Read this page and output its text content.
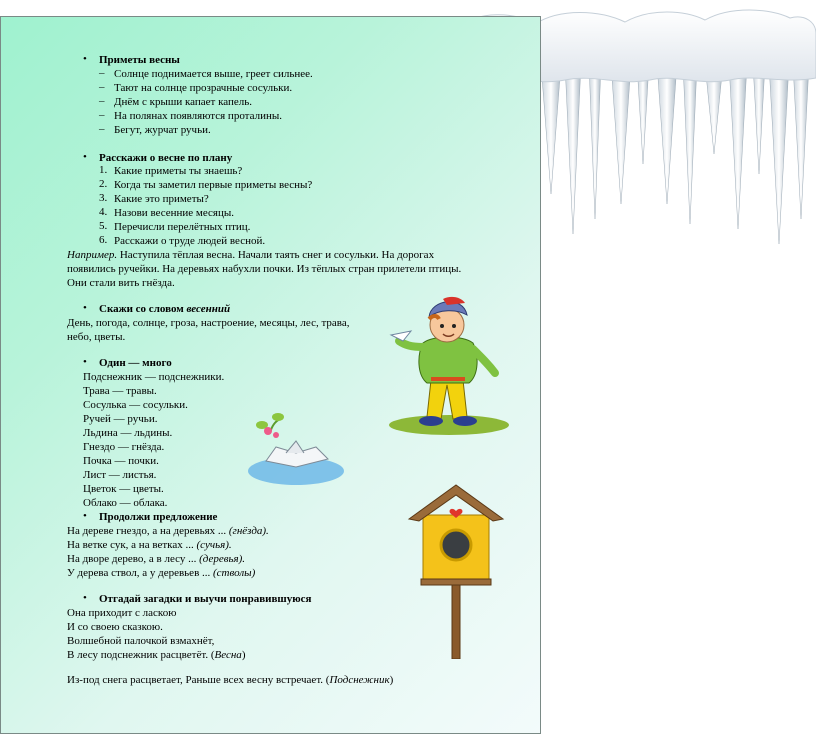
• Приметы весны
– Солнце поднимается выше, греет сильнее.
– Тают на солнце прозрачные сосульки.
– Днём с крыши капает капель.
– На полянах появляются проталины.
– Бегут, журчат ручьи.
• Расскажи о весне по плану
1. Какие приметы ты знаешь?
2. Когда ты заметил первые приметы весны?
3. Какие это приметы?
4. Назови весенние месяцы.
5. Перечисли перелётных птиц.
6. Расскажи о труде людей весной.
Например. Наступила тёплая весна. Начали таять снег и сосульки. На дорогах
появились ручейки. На деревьях набухли почки. Из тёплых стран прилетели птицы.
Они стали вить гнёзда.
• Скажи со словом весенний
День, погода, солнце, гроза, настроение, месяцы, лес, трава,
небо, цветы.
• Один — много
Подснежник — подснежники.
Трава — травы.
Сосулька — сосульки.
Ручей — ручьи.
Льдина — льдины.
Гнездо — гнёзда.
Почка — почки.
Лист — листья.
Цветок — цветы.
Облако — облака.
• Продолжи предложение
На дереве гнездо, а на деревьях ... (гнёзда).
На ветке сук, а на ветках ... (сучья).
На дворе дерево, а в лесу ... (деревья).
У дерева ствол, а у деревьев ... (стволы)
• Отгадай загадки и выучи понравившуюся
Она приходит с ласкою
И со своею сказкою.
Волшебной палочкой взмахнёт,
В лесу подснежник расцветёт. (Весна)
Из-под снега расцветает, Раньше всех весну встречает. (Подснежник)
